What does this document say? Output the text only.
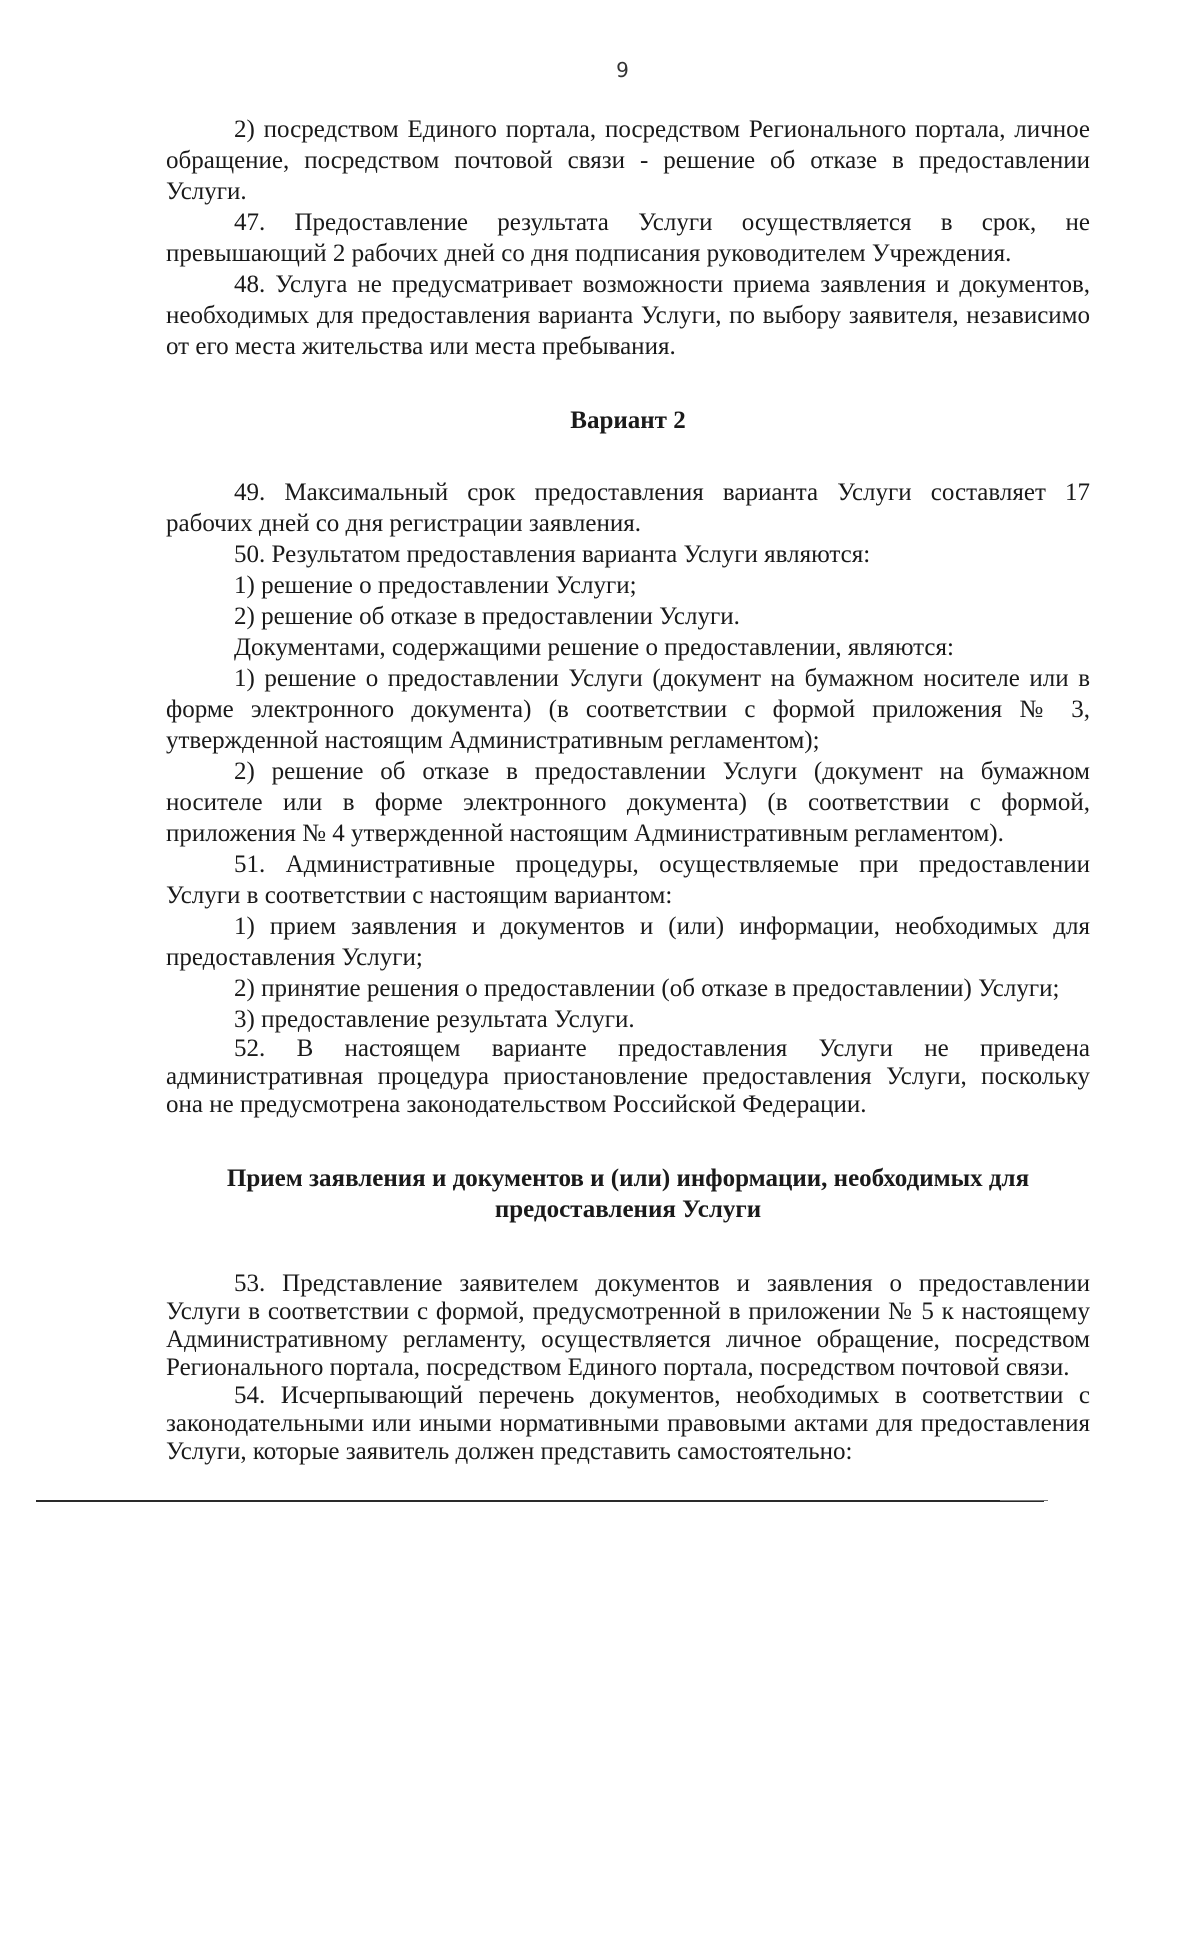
9

2) посредством Единого портала, посредством Регионального портала, личное обращение, посредством почтовой связи - решение об отказе в предоставлении Услуги.

47. Предоставление результата Услуги осуществляется в срок, не превышающий 2 рабочих дней со дня подписания руководителем Учреждения.

48. Услуга не предусматривает возможности приема заявления и документов, необходимых для предоставления варианта Услуги, по выбору заявителя, независимо от его места жительства или места пребывания.

Вариант 2

49. Максимальный срок предоставления варианта Услуги составляет 17 рабочих дней со дня регистрации заявления.

50. Результатом предоставления варианта Услуги являются:

1) решение о предоставлении Услуги;

2) решение об отказе в предоставлении Услуги.

Документами, содержащими решение о предоставлении, являются:

1) решение о предоставлении Услуги (документ на бумажном носителе или в форме электронного документа) (в соответствии с формой приложения № 3, утвержденной настоящим Административным регламентом);

2) решение об отказе в предоставлении Услуги (документ на бумажном носителе или в форме электронного документа) (в соответствии с формой, приложения № 4 утвержденной настоящим Административным регламентом).

51. Административные процедуры, осуществляемые при предоставлении Услуги в соответствии с настоящим вариантом:

1) прием заявления и документов и (или) информации, необходимых для предоставления Услуги;

2) принятие решения о предоставлении (об отказе в предоставлении) Услуги;

3) предоставление результата Услуги.

52. В настоящем варианте предоставления Услуги не приведена административная процедура приостановление предоставления Услуги, поскольку она не предусмотрена законодательством Российской Федерации.

Прием заявления и документов и (или) информации, необходимых для предоставления Услуги

53. Представление заявителем документов и заявления о предоставлении Услуги в соответствии с формой, предусмотренной в приложении № 5 к настоящему Административному регламенту, осуществляется личное обращение, посредством Регионального портала, посредством Единого портала, посредством почтовой связи.

54. Исчерпывающий перечень документов, необходимых в соответствии с законодательными или иными нормативными правовыми актами для предоставления Услуги, которые заявитель должен представить самостоятельно:
